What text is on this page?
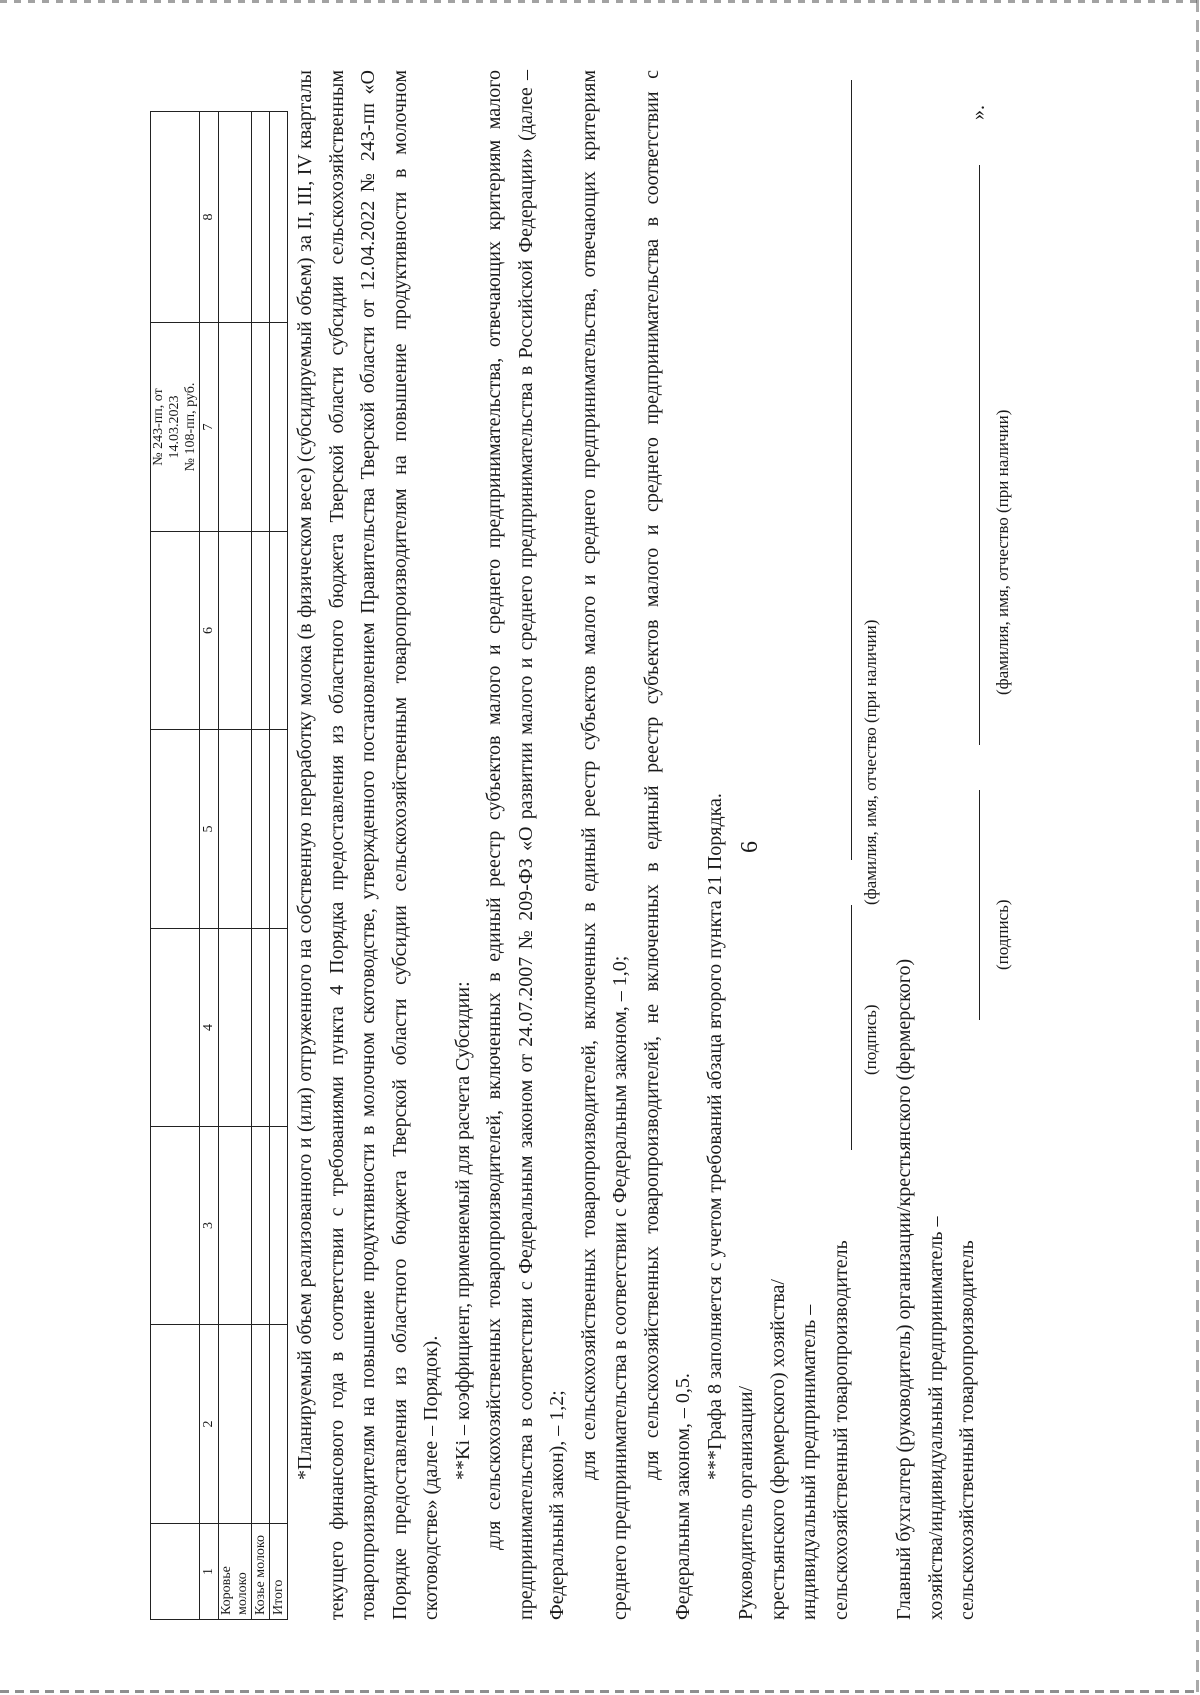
6

						№ 243-пп, от 14.03.2023 № 108-пп, руб.	

1	2	3	4	5	6	7	8
Коровье молоко							
Козье молоко							
Итого							

*Планируемый объем реализованного и (или) отгруженного на собственную переработку молока (в физическом весе) (субсидируемый объем) за II, III, IV кварталы текущего финансового года в соответствии с требованиями пункта 4 Порядка предоставления из областного бюджета Тверской области субсидии сельскохозяйственным товаропроизводителям на повышение продуктивности в молочном скотоводстве, утвержденного постановлением Правительства Тверской области от 12.04.2022 № 243-пп «О Порядке предоставления из областного бюджета Тверской области субсидии сельскохозяйственным товаропроизводителям на повышение продуктивности в молочном скотоводстве» (далее – Порядок). **Ki – коэффициент, применяемый для расчета Субсидии: для сельскохозяйственных товаропроизводителей, включенных в единый реестр субъектов малого и среднего предпринимательства, отвечающих критериям малого предпринимательства в соответствии с Федеральным законом от 24.07.2007 № 209-ФЗ «О развитии малого и среднего предпринимательства в Российской Федерации» (далее – Федеральный закон), – 1,2;

для сельскохозяйственных товаропроизводителей, включенных в единый реестр субъектов малого и среднего предпринимательства, отвечающих критериям среднего предпринимательства в соответствии с Федеральным законом, – 1,0; для сельскохозяйственных товаропроизводителей, не включенных в единый реестр субъектов малого и среднего предпринимательства в соответствии с Федеральным законом, – 0,5.

***Графа 8 заполняется с учетом требований абзаца второго пункта 21 Порядка.

Руководитель организации/ крестьянского (фермерского) хозяйства/ индивидуальный предприниматель – сельскохозяйственный товаропроизводитель
(подпись)
(фамилия, имя, отчество (при наличии)
Главный бухгалтер (руководитель) организации/крестьянского (фермерского) хозяйства/индивидуальный предприниматель – сельскохозяйственный товаропроизводитель
».
(подпись)
(фамилия, имя, отчество (при наличии)
